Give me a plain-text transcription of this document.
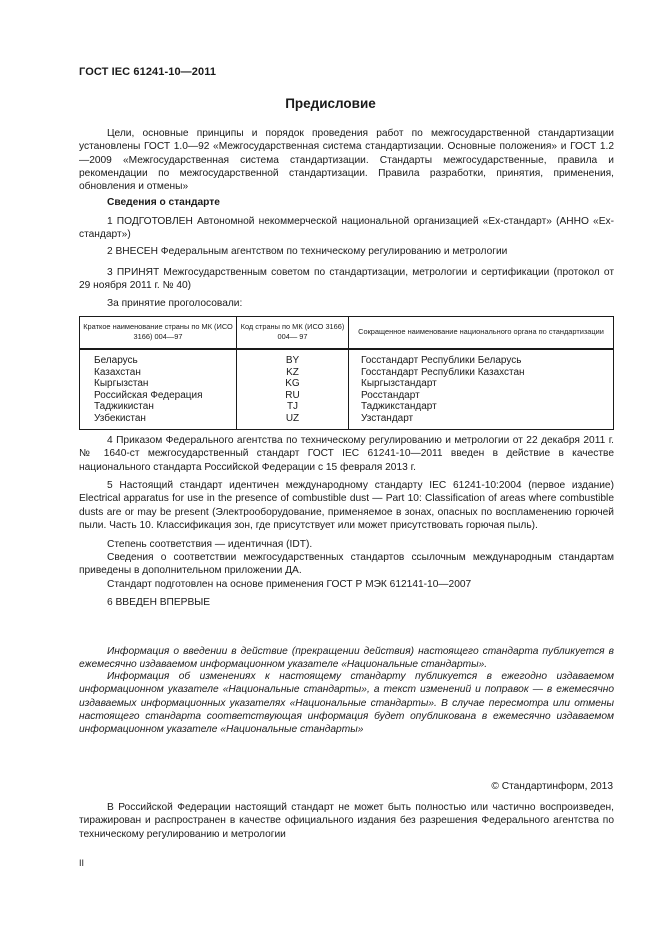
ГОСТ IEC 61241-10—2011
Предисловие

Цели, основные принципы и порядок проведения работ по межгосударственной стандартизации установлены ГОСТ 1.0—92 «Межгосударственная система стандартизации. Основные положения» и ГОСТ 1.2—2009 «Межгосударственная система стандартизации. Стандарты межгосударственные, правила и рекомендации по межгосударственной стандартизации. Правила разработки, принятия, применения, обновления и отмены»

Сведения о стандарте

1 ПОДГОТОВЛЕН Автономной некоммерческой национальной организацией «Ех-стандарт» (АННО «Ех-стандарт»)

2 ВНЕСЕН Федеральным агентством по техническому регулированию и метрологии

3 ПРИНЯТ Межгосударственным советом по стандартизации, метрологии и сертификации (протокол от 29 ноября 2011 г. № 40)

За принятие проголосовали:

Краткое наименование страны по МК (ИСО 3166) 004—97	Код страны по МК (ИСО 3166) 004— 97	Сокращенное наименование национального органа по стандартизации
Беларусь	BY	Госстандарт Республики Беларусь
Казахстан	KZ	Госстандарт Республики Казахстан
Кыргызстан	KG	Кыргызстандарт
Российская Федерация	RU	Росстандарт
Таджикистан	TJ	Таджикстандарт
Узбекистан	UZ	Узстандарт

4 Приказом Федерального агентства по техническому регулированию и метрологии от 22 декабря 2011 г. № 1640-ст межгосударственный стандарт ГОСТ IEC 61241-10—2011 введен в действие в качестве национального стандарта Российской Федерации с 15 февраля 2013 г.

5 Настоящий стандарт идентичен международному стандарту IEC 61241-10:2004 (первое издание) Electrical apparatus for use in the presence of combustible dust — Part 10: Classification of areas where combustible dusts are or may be present (Электрооборудование, применяемое в зонах, опасных по воспламенению горючей пыли. Часть 10. Классификация зон, где присутствует или может присутствовать горючая пыль).

Степень соответствия — идентичная (IDT).

Сведения о соответствии межгосударственных стандартов ссылочным международным стандартам приведены в дополнительном приложении ДА.

Стандарт подготовлен на основе применения ГОСТ Р МЭК 612141-10—2007

6 ВВЕДЕН ВПЕРВЫЕ

Информация о введении в действие (прекращении действия) настоящего стандарта публикуется в ежемесячно издаваемом информационном указателе «Национальные стандарты».

Информация об изменениях к настоящему стандарту публикуется в ежегодно издаваемом информационном указателе «Национальные стандарты», а текст изменений и поправок — в ежемесячно издаваемых информационных указателях «Национальные стандарты». В случае пересмотра или отмены настоящего стандарта соответствующая информация будет опубликована в ежемесячно издаваемом информационном указателе «Национальные стандарты»

© Стандартинформ, 2013

В Российской Федерации настоящий стандарт не может быть полностью или частично воспроизведен, тиражирован и распространен в качестве официального издания без разрешения Федерального агентства по техническому регулированию и метрологии

II
